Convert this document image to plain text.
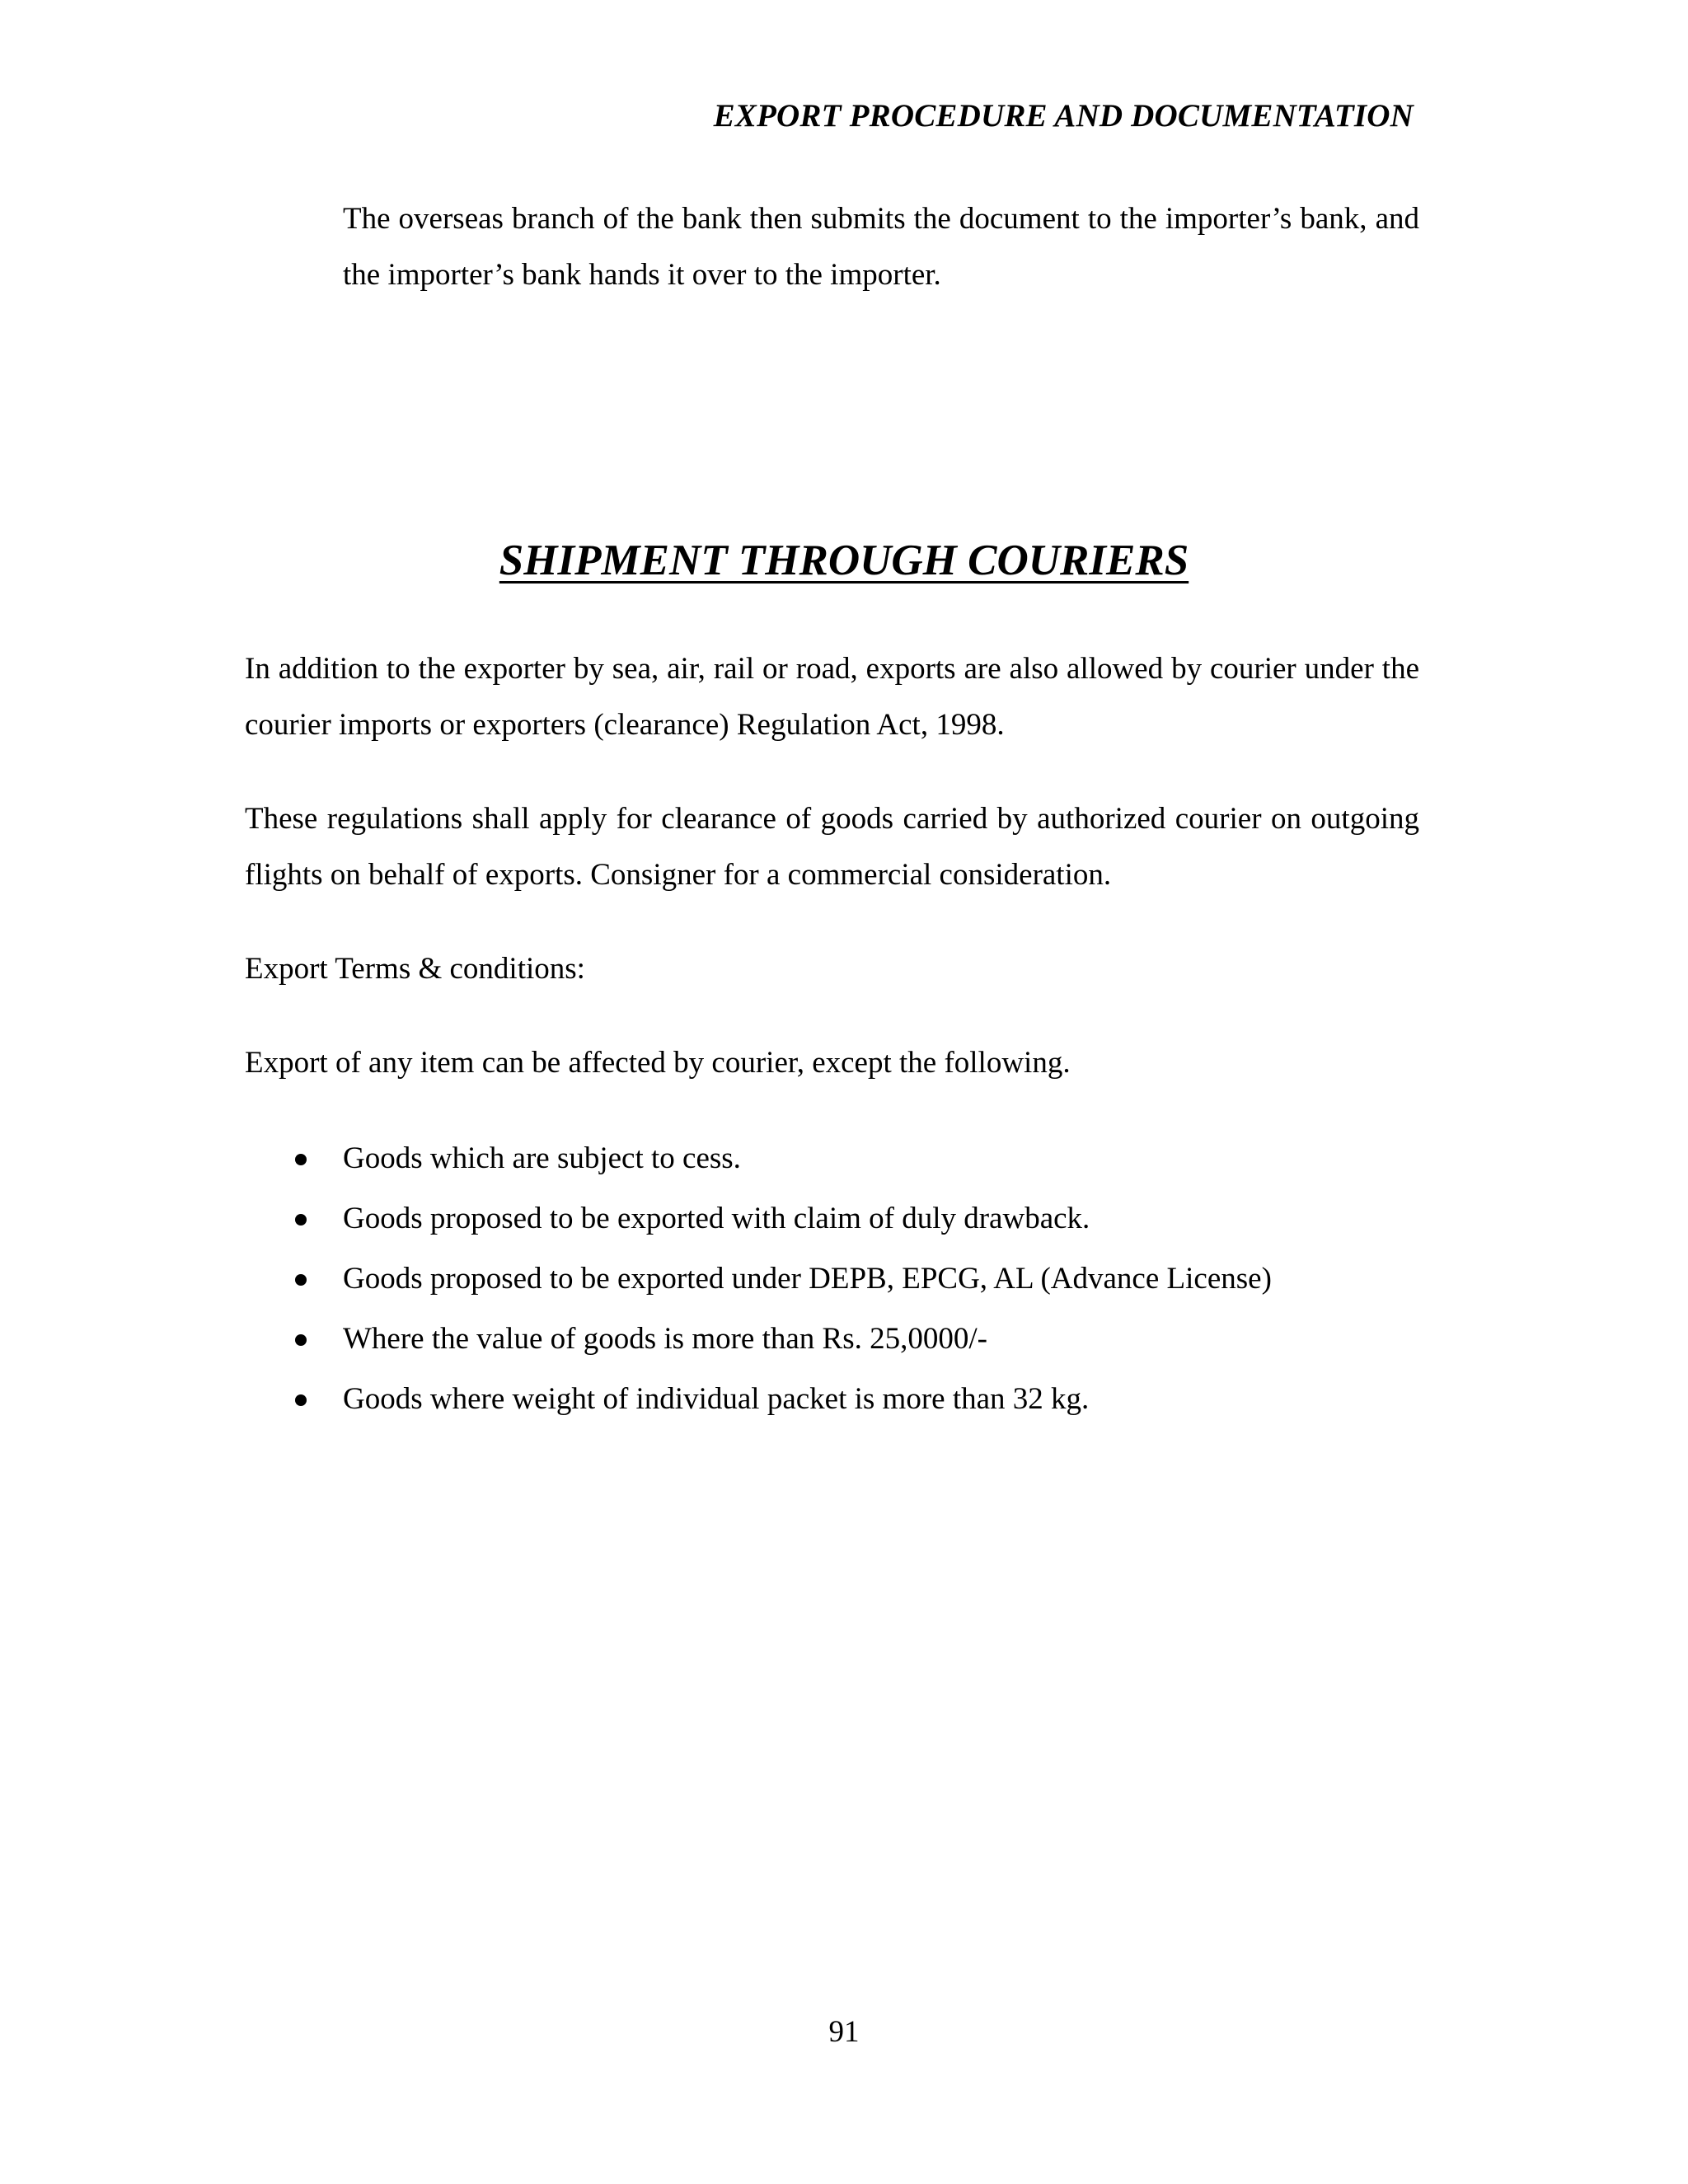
EXPORT PROCEDURE AND DOCUMENTATION

The overseas branch of the bank then submits the document to the importer’s bank, and the importer’s bank hands it over to the importer.

SHIPMENT THROUGH COURIERS

In addition to the exporter by sea, air, rail or road, exports are also allowed by courier under the courier imports or exporters (clearance) Regulation Act, 1998.

These regulations shall apply for clearance of goods carried by authorized courier on outgoing flights on behalf of exports. Consigner for a commercial consideration.

Export Terms & conditions:

Export of any item can be affected by courier, except the following.

Goods which are subject to cess.
Goods proposed to be exported with claim of duly drawback.
Goods proposed to be exported under DEPB, EPCG, AL (Advance License)
Where the value of goods is more than Rs. 25,0000/-
Goods where weight of individual packet is more than 32 kg.
91
